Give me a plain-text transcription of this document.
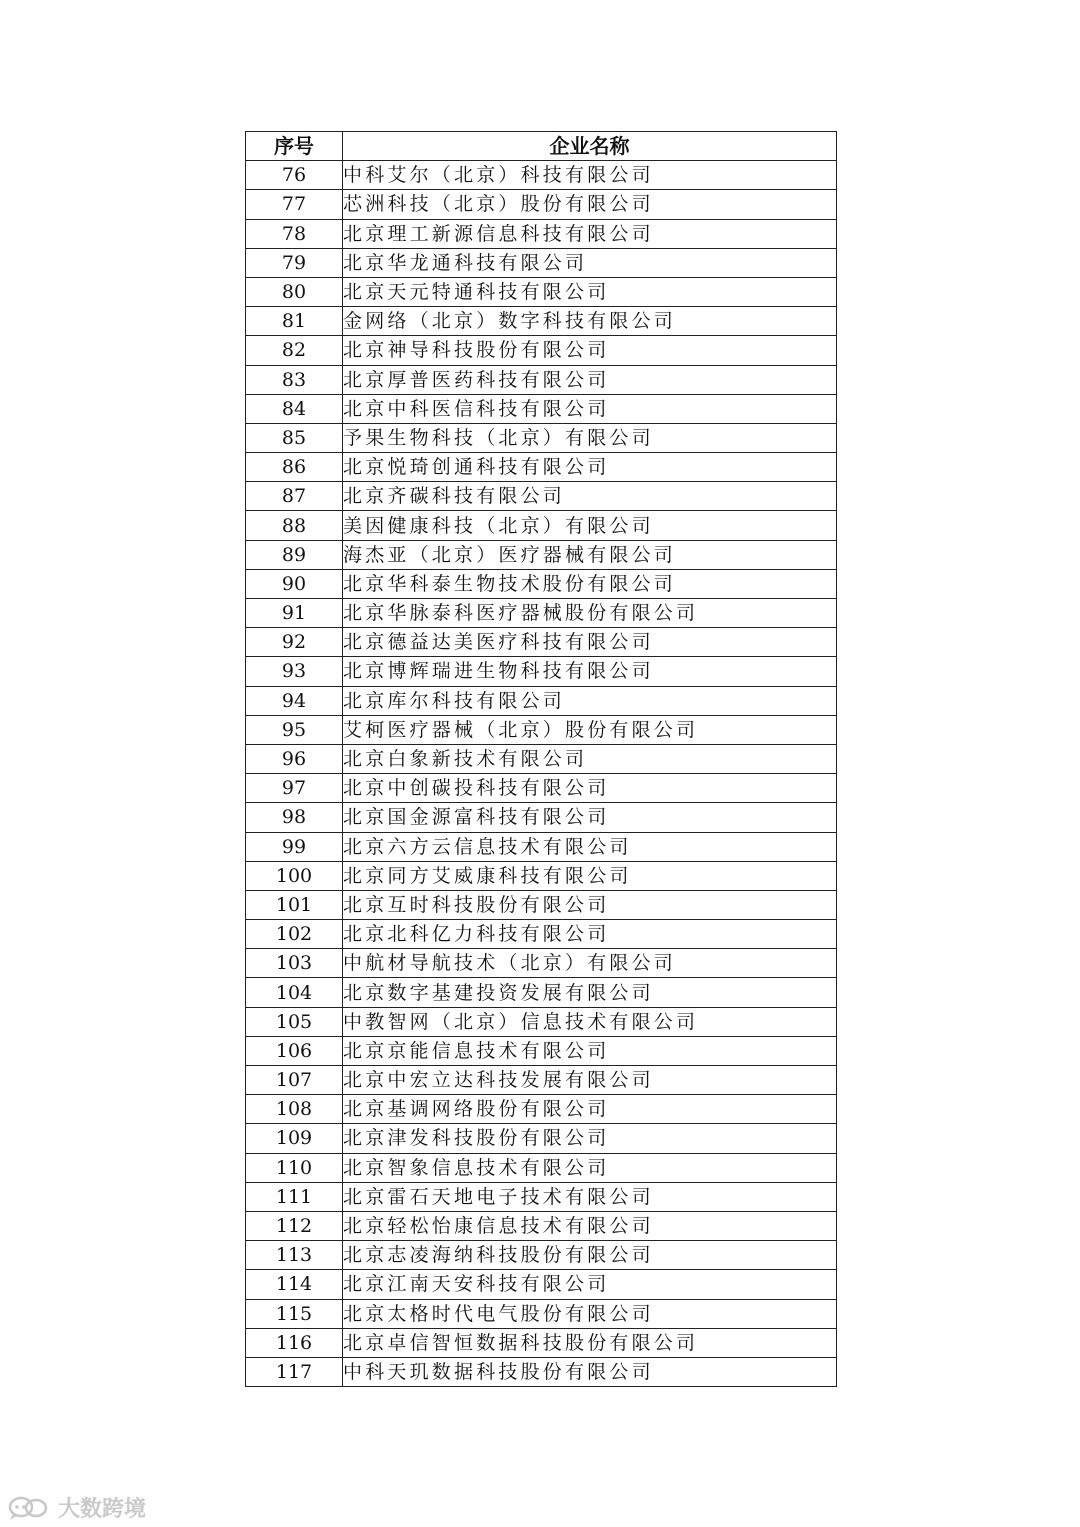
序号	企业名称
76	中科艾尔（北京）科技有限公司
77	芯洲科技（北京）股份有限公司
78	北京理工新源信息科技有限公司
79	北京华龙通科技有限公司
80	北京天元特通科技有限公司
81	金网络（北京）数字科技有限公司
82	北京神导科技股份有限公司
83	北京厚普医药科技有限公司
84	北京中科医信科技有限公司
85	予果生物科技（北京）有限公司
86	北京悦琦创通科技有限公司
87	北京齐碳科技有限公司
88	美因健康科技（北京）有限公司
89	海杰亚（北京）医疗器械有限公司
90	北京华科泰生物技术股份有限公司
91	北京华脉泰科医疗器械股份有限公司
92	北京德益达美医疗科技有限公司
93	北京博辉瑞进生物科技有限公司
94	北京库尔科技有限公司
95	艾柯医疗器械（北京）股份有限公司
96	北京白象新技术有限公司
97	北京中创碳投科技有限公司
98	北京国金源富科技有限公司
99	北京六方云信息技术有限公司
100	北京同方艾威康科技有限公司
101	北京互时科技股份有限公司
102	北京北科亿力科技有限公司
103	中航材导航技术（北京）有限公司
104	北京数字基建投资发展有限公司
105	中教智网（北京）信息技术有限公司
106	北京京能信息技术有限公司
107	北京中宏立达科技发展有限公司
108	北京基调网络股份有限公司
109	北京津发科技股份有限公司
110	北京智象信息技术有限公司
111	北京雷石天地电子技术有限公司
112	北京轻松怡康信息技术有限公司
113	北京志凌海纳科技股份有限公司
114	北京江南天安科技有限公司
115	北京太格时代电气股份有限公司
116	北京卓信智恒数据科技股份有限公司
117	中科天玑数据科技股份有限公司
大数跨境
